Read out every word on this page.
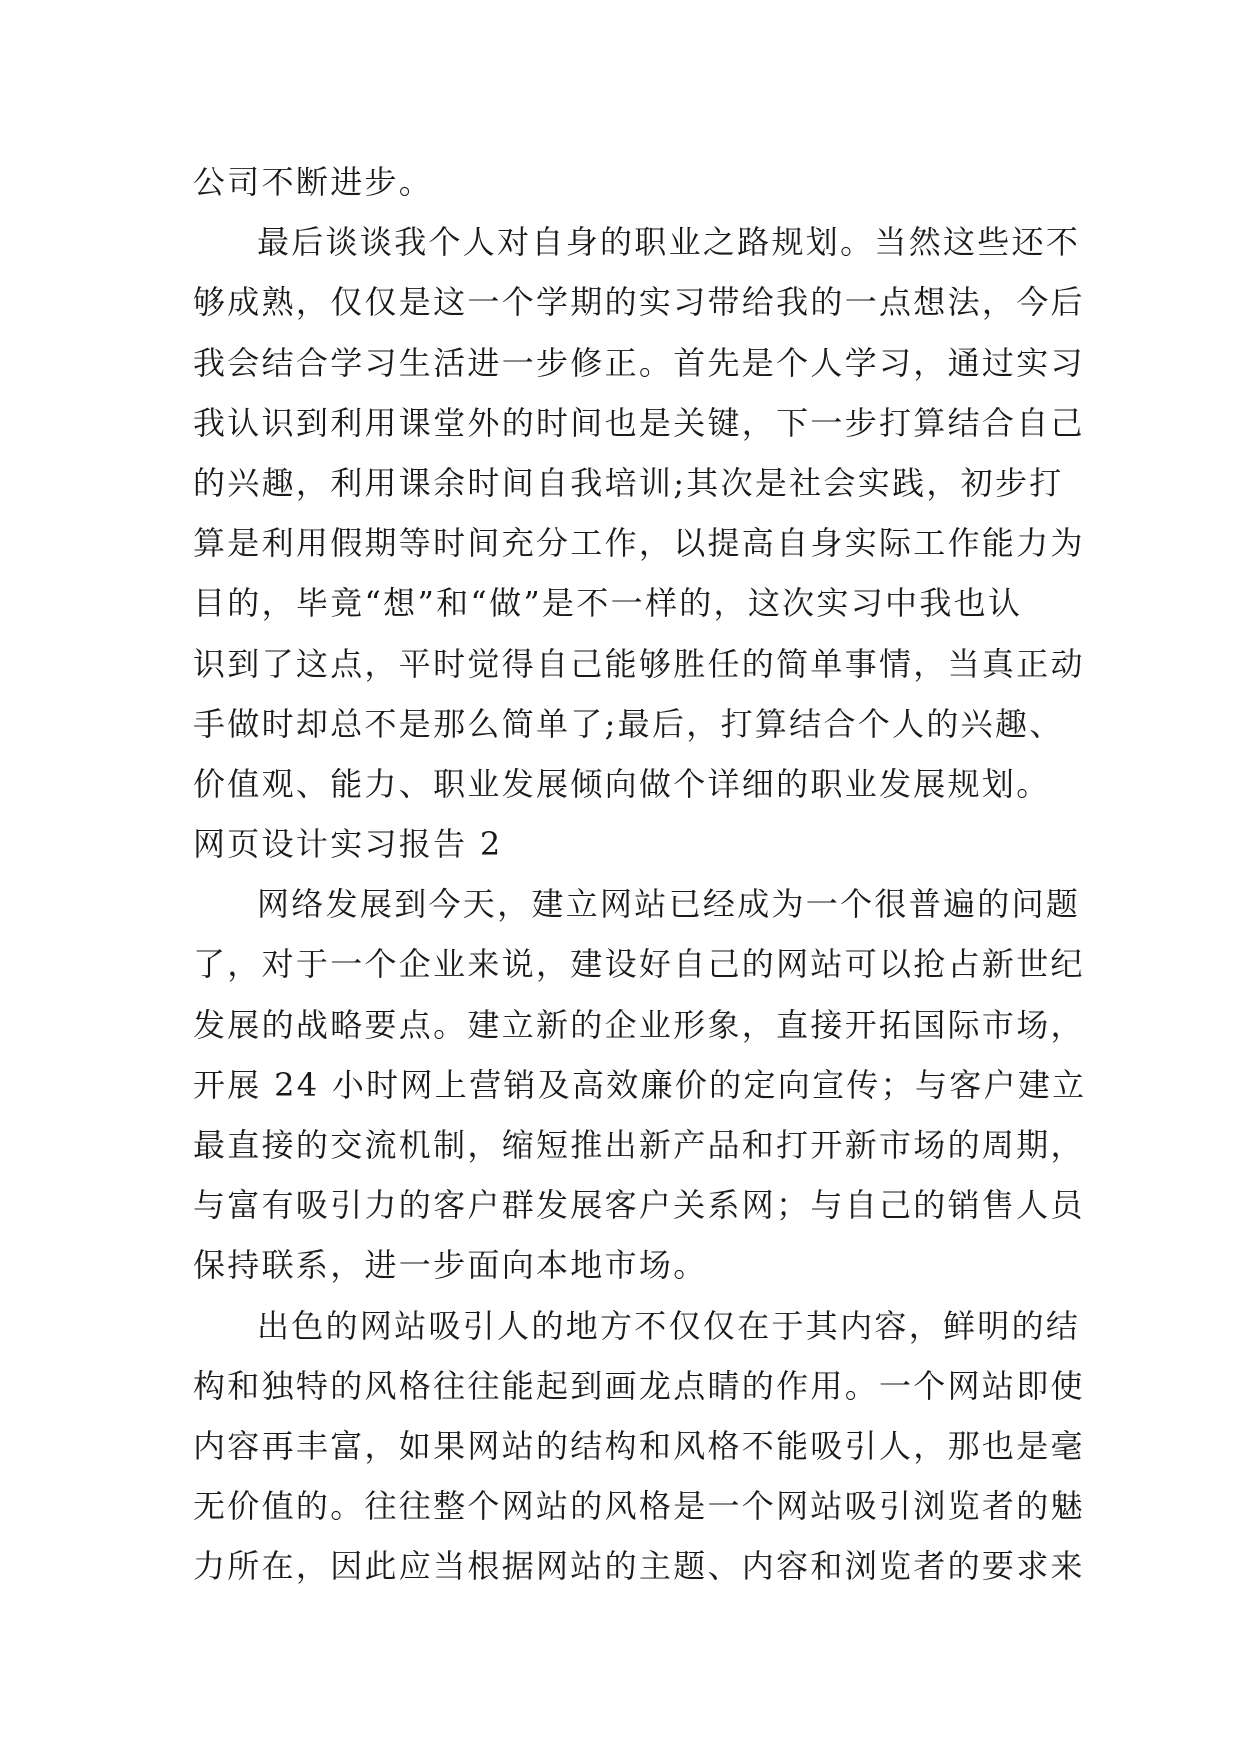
公司不断进步。
最后谈谈我个人对自身的职业之路规划。当然这些还不
够成熟，仅仅是这一个学期的实习带给我的一点想法，今后
我会结合学习生活进一步修正。首先是个人学习，通过实习
我认识到利用课堂外的时间也是关键，下一步打算结合自己
的兴趣，利用课余时间自我培训;其次是社会实践，初步打
算是利用假期等时间充分工作，以提高自身实际工作能力为
目的，毕竟“想”和“做”是不一样的，这次实习中我也认
识到了这点，平时觉得自己能够胜任的简单事情，当真正动
手做时却总不是那么简单了;最后，打算结合个人的兴趣、
价值观、能力、职业发展倾向做个详细的职业发展规划。
网页设计实习报告 2
网络发展到今天，建立网站已经成为一个很普遍的问题
了，对于一个企业来说，建设好自己的网站可以抢占新世纪
发展的战略要点。建立新的企业形象，直接开拓国际市场，
开展 24 小时网上营销及高效廉价的定向宣传；与客户建立
最直接的交流机制，缩短推出新产品和打开新市场的周期，
与富有吸引力的客户群发展客户关系网；与自己的销售人员
保持联系，进一步面向本地市场。
出色的网站吸引人的地方不仅仅在于其内容，鲜明的结
构和独特的风格往往能起到画龙点睛的作用。一个网站即使
内容再丰富，如果网站的结构和风格不能吸引人，那也是毫
无价值的。往往整个网站的风格是一个网站吸引浏览者的魅
力所在，因此应当根据网站的主题、内容和浏览者的要求来
